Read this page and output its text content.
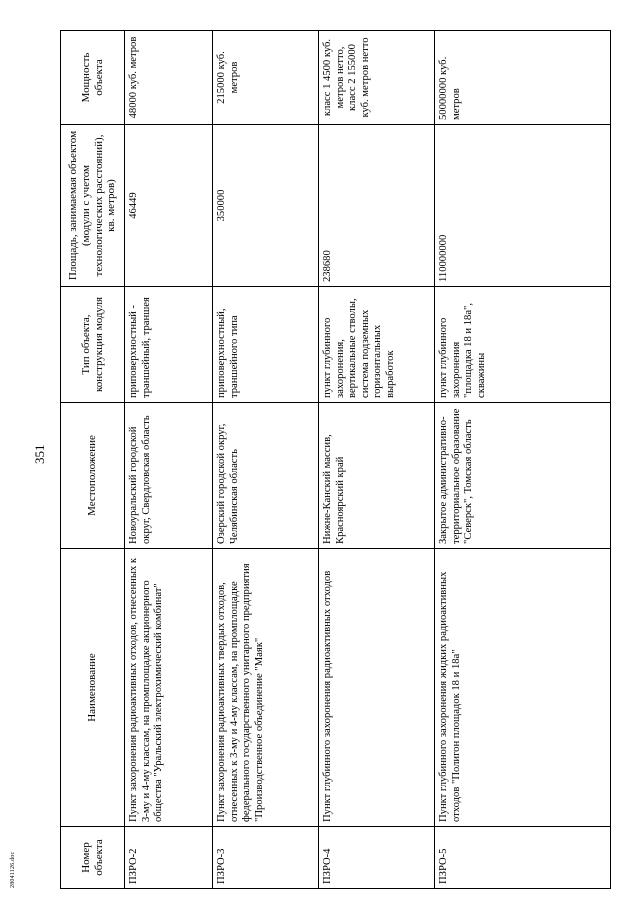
351
Номер объекта	Наименование	Местоположение	Тип объекта, конструкция модуля	Площадь, занимаемая объектом (модули с учетом технологических расстояний), кв. метров)	Мощность объекта
ПЗРО-2	Пункт захоронения радиоактивных отходов, отнесенных к 3-му и 4-му классам, на промплощадке акционерного общества "Уральский электрохимический комбинат"	Новоуральский городской округ, Свердловская область	приповерхностный - траншейный, траншея	46449	48000 куб. метров
ПЗРО-3	Пункт захоронения радиоактивных твердых отходов, отнесенных к 3-му и 4-му классам, на промплощадке федерального государственного унитарного предприятия "Производственное объединение "Маяк"	Озерский городской округ, Челябинская область	приповерхностный, траншейного типа	350000	215000 куб. метров
ПЗРО-4	Пункт глубинного захоронения радиоактивных отходов	Нижне-Канский массив, Красноярский край	пункт глубинного захоронения, вертикальные стволы, система подземных горизонтальных выработок	238680	класс 1 4500 куб. метров нетто, класс 2 155000 куб. метров нетто
ПЗРО-5	Пункт глубинного захоронения жидких радиоактивных отходов "Полигон площадок 18 и 18а"	Закрытое административно-территориальное образование "Северск", Томская область	пункт глубинного захоронения "площадка 18 и 18а", скважины	110000000	50000000 куб. метров
28041126.doc
